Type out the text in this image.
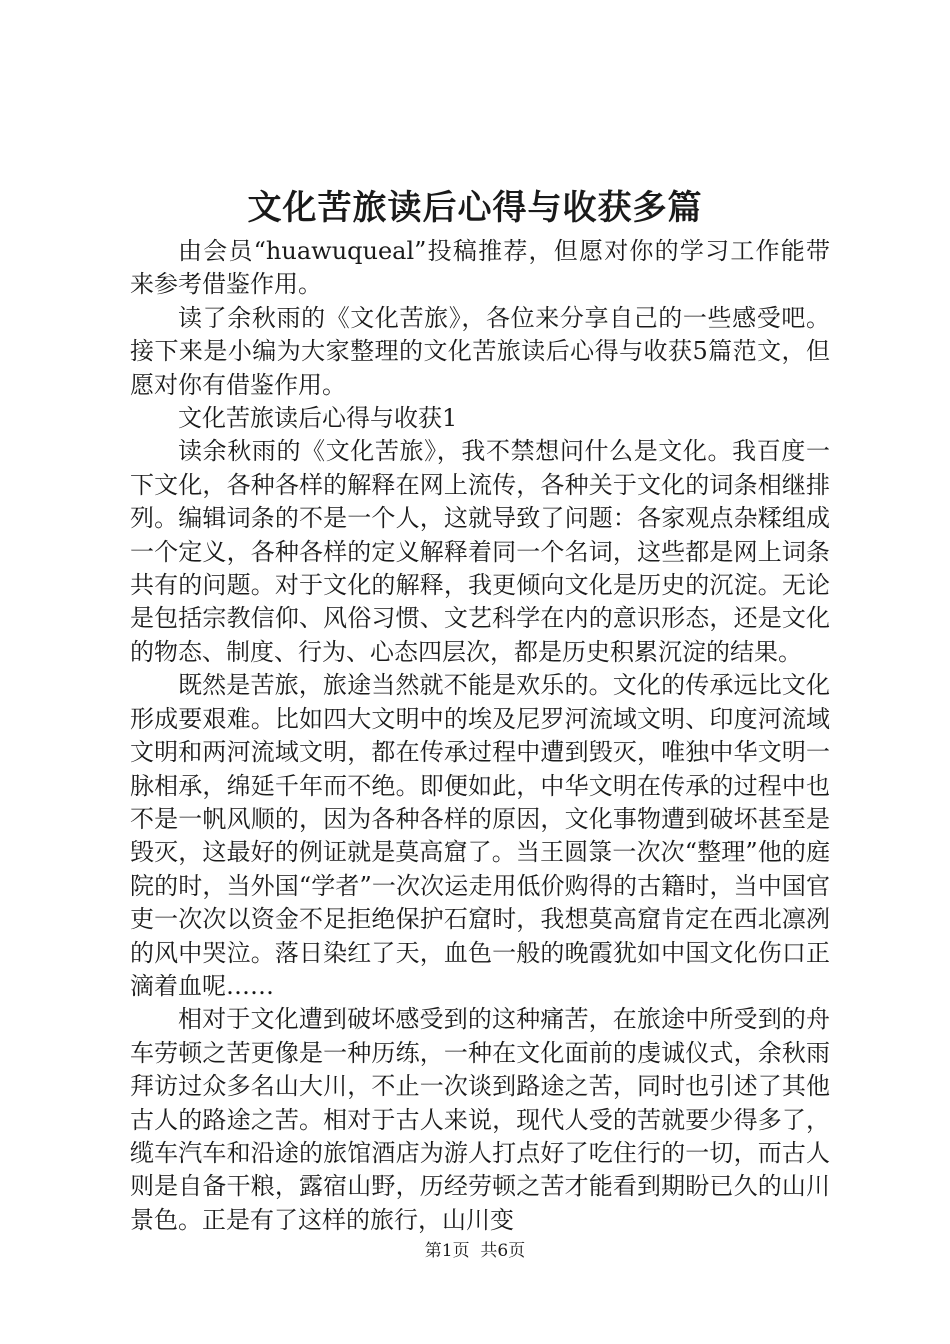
文化苦旅读后心得与收获多篇

由会员“huawuqueal”投稿推荐，但愿对你的学习工作能带来参考借鉴作用。

读了余秋雨的《文化苦旅》，各位来分享自己的一些感受吧。接下来是小编为大家整理的文化苦旅读后心得与收获5篇范文，但愿对你有借鉴作用。

文化苦旅读后心得与收获1

读余秋雨的《文化苦旅》，我不禁想问什么是文化。我百度一下文化，各种各样的解释在网上流传，各种关于文化的词条相继排列。编辑词条的不是一个人，这就导致了问题：各家观点杂糅组成一个定义，各种各样的定义解释着同一个名词，这些都是网上词条共有的问题。对于文化的解释，我更倾向文化是历史的沉淀。无论是包括宗教信仰、风俗习惯、文艺科学在内的意识形态，还是文化的物态、制度、行为、心态四层次，都是历史积累沉淀的结果。

既然是苦旅，旅途当然就不能是欢乐的。文化的传承远比文化形成要艰难。比如四大文明中的埃及尼罗河流域文明、印度河流域文明和两河流域文明，都在传承过程中遭到毁灭，唯独中华文明一脉相承，绵延千年而不绝。即便如此，中华文明在传承的过程中也不是一帆风顺的，因为各种各样的原因，文化事物遭到破坏甚至是毁灭，这最好的例证就是莫高窟了。当王圆箓一次次“整理”他的庭院的时，当外国“学者”一次次运走用低价购得的古籍时，当中国官吏一次次以资金不足拒绝保护石窟时，我想莫高窟肯定在西北凛冽的风中哭泣。落日染红了天，血色一般的晚霞犹如中国文化伤口正滴着血呢……

相对于文化遭到破坏感受到的这种痛苦，在旅途中所受到的舟车劳顿之苦更像是一种历练，一种在文化面前的虔诚仪式，余秋雨拜访过众多名山大川，不止一次谈到路途之苦，同时也引述了其他古人的路途之苦。相对于古人来说，现代人受的苦就要少得多了，缆车汽车和沿途的旅馆酒店为游人打点好了吃住行的一切，而古人则是自备干粮，露宿山野，历经劳顿之苦才能看到期盼已久的山川景色。正是有了这样的旅行，山川变

第1页 共6页
